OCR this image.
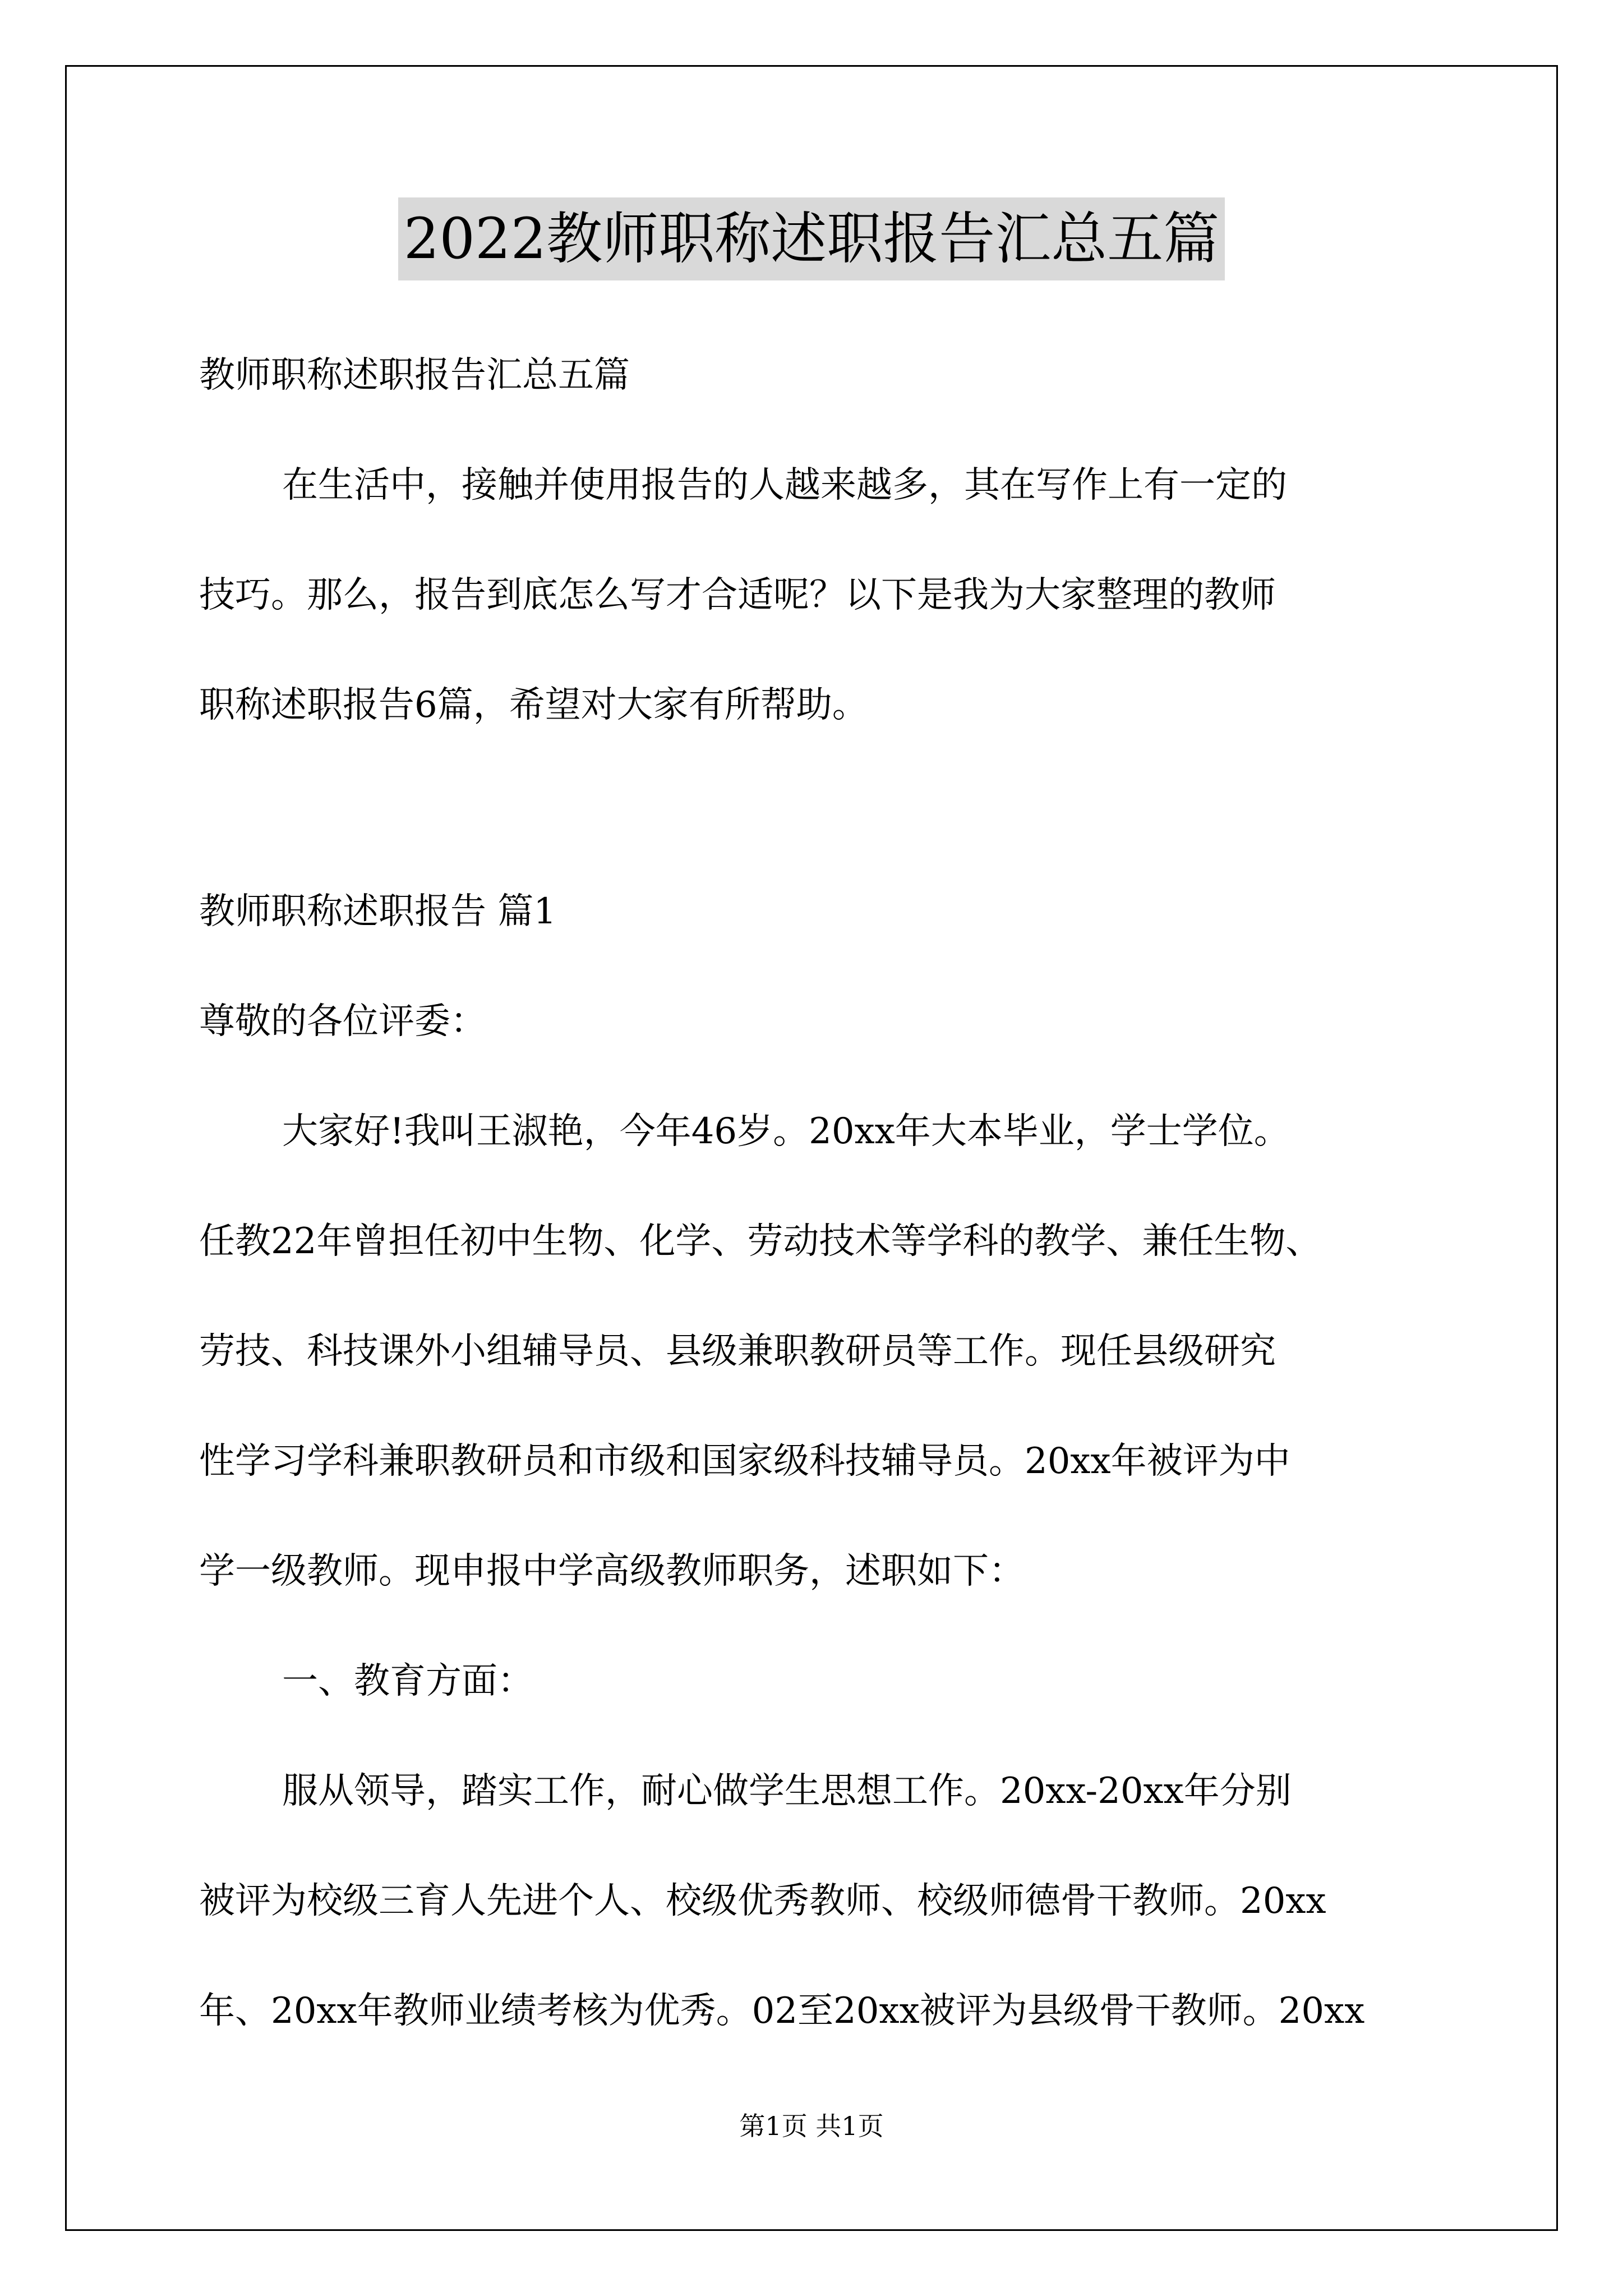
2022教师职称述职报告汇总五篇
教师职称述职报告汇总五篇
在生活中，接触并使用报告的人越来越多，其在写作上有一定的
技巧。那么，报告到底怎么写才合适呢？以下是我为大家整理的教师
职称述职报告6篇，希望对大家有所帮助。
教师职称述职报告 篇1
尊敬的各位评委：
大家好!我叫王淑艳，今年46岁。20xx年大本毕业，学士学位。
任教22年曾担任初中生物、化学、劳动技术等学科的教学、兼任生物、
劳技、科技课外小组辅导员、县级兼职教研员等工作。现任县级研究
性学习学科兼职教研员和市级和国家级科技辅导员。20xx年被评为中
学一级教师。现申报中学高级教师职务，述职如下：
一、教育方面：
服从领导，踏实工作，耐心做学生思想工作。20xx-20xx年分别
被评为校级三育人先进个人、校级优秀教师、校级师德骨干教师。20xx
年、20xx年教师业绩考核为优秀。02至20xx被评为县级骨干教师。20xx
第1页 共1页
